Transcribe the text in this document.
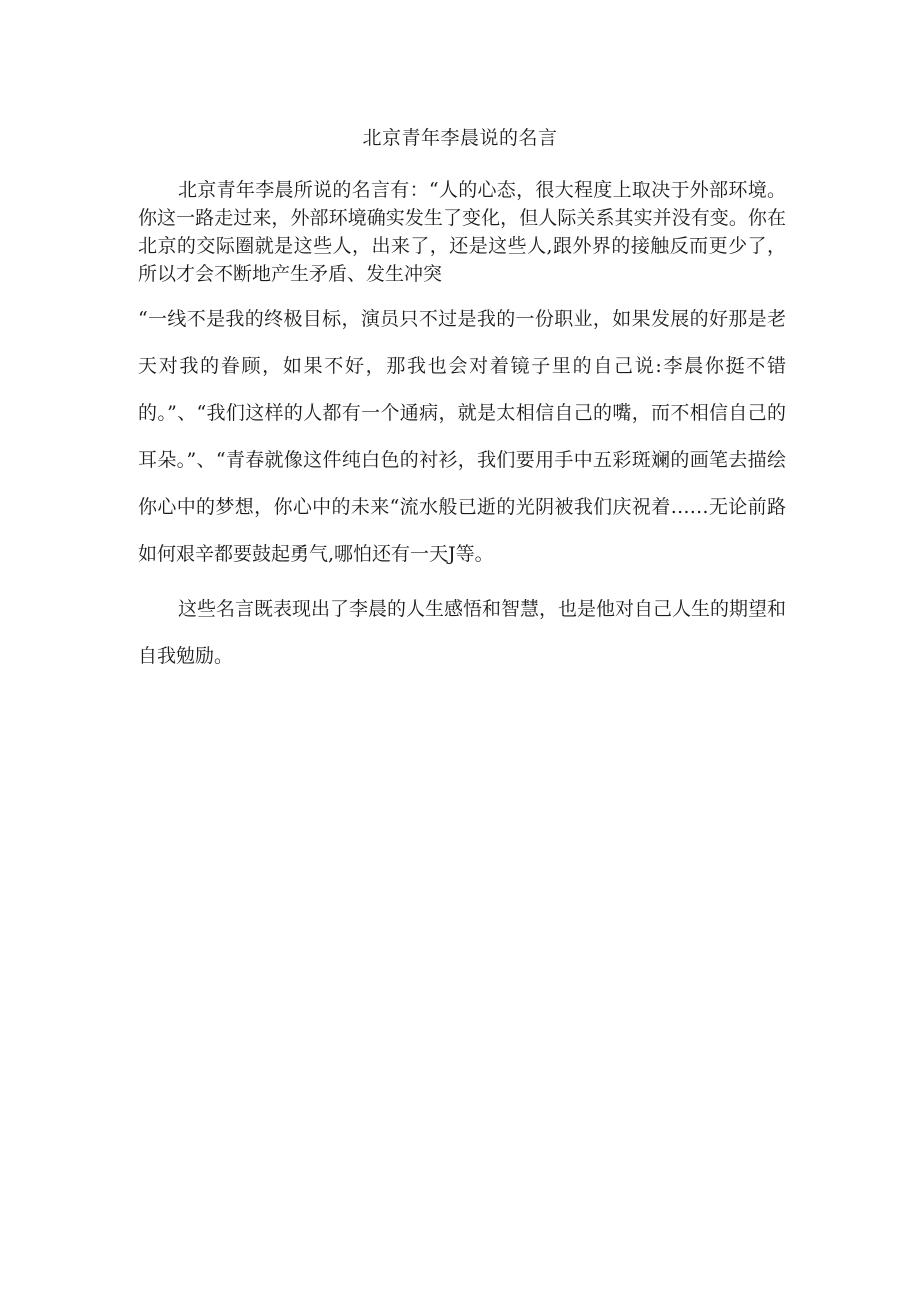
北京青年李晨说的名言

北京青年李晨所说的名言有：“人的心态，很大程度上取决于外部环境。你这一路走过来，外部环境确实发生了变化，但人际关系其实并没有变。你在北京的交际圈就是这些人，出来了，还是这些人,跟外界的接触反而更少了，所以才会不断地产生矛盾、发生冲突

“一线不是我的终极目标，演员只不过是我的一份职业，如果发展的好那是老天对我的眷顾，如果不好，那我也会对着镜子里的自己说:李晨你挺不错的。”、“我们这样的人都有一个通病，就是太相信自己的嘴，而不相信自己的耳朵。”、“青春就像这件纯白色的衬衫，我们要用手中五彩斑斓的画笔去描绘你心中的梦想，你心中的未来“流水般已逝的光阴被我们庆祝着……无论前路如何艰辛都要鼓起勇气,哪怕还有一天J等。

这些名言既表现出了李晨的人生感悟和智慧，也是他对自己人生的期望和自我勉励。
